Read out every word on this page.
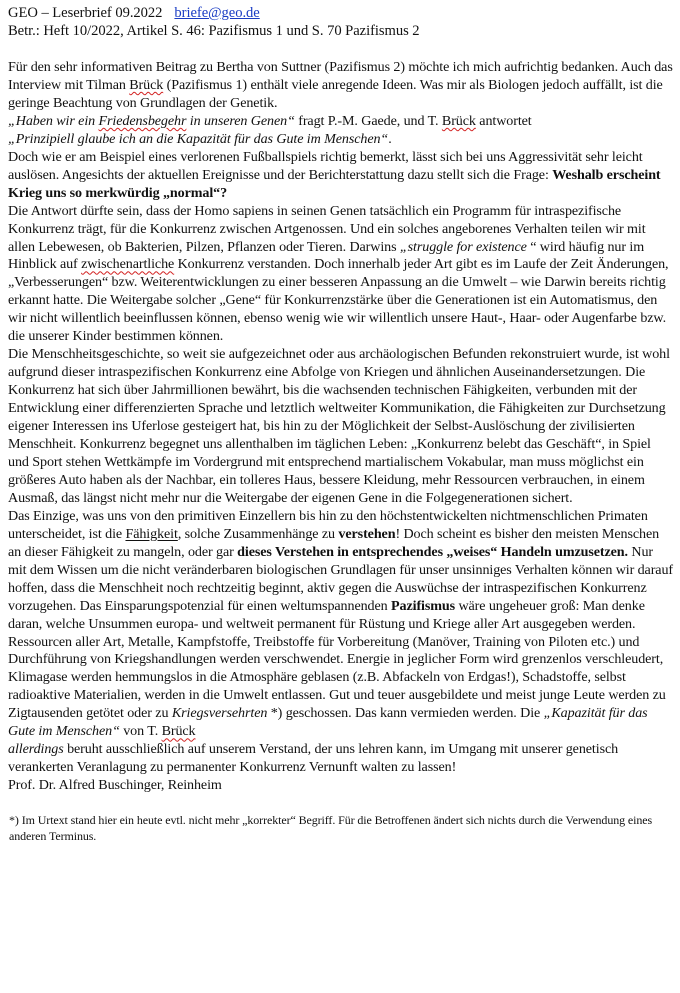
GEO – Leserbrief 09.2022 briefe@geo.de
Betr.: Heft 10/2022, Artikel S. 46: Pazifismus 1 und S. 70 Pazifismus 2

Für den sehr informativen Beitrag zu Bertha von Suttner (Pazifismus 2) möchte ich mich aufrichtig bedanken. Auch das Interview mit Tilman Brück (Pazifismus 1) enthält viele anregende Ideen. Was mir als Biologen jedoch auffällt, ist die geringe Beachtung von Grundlagen der Genetik.
„Haben wir ein Friedensbegehr in unseren Genen“ fragt P.-M. Gaede, und T. Brück antwortet
„Prinzipiell glaube ich an die Kapazität für das Gute im Menschen“.
Doch wie er am Beispiel eines verlorenen Fußballspiels richtig bemerkt, lässt sich bei uns Aggressivität sehr leicht auslösen. Angesichts der aktuellen Ereignisse und der Berichterstattung dazu stellt sich die Frage: Weshalb erscheint Krieg uns so merkwürdig „normal“?
Die Antwort dürfte sein, dass der Homo sapiens in seinen Genen tatsächlich ein Programm für intraspezifische Konkurrenz trägt, für die Konkurrenz zwischen Artgenossen. Und ein solches angeborenes Verhalten teilen wir mit allen Lebewesen, ob Bakterien, Pilzen, Pflanzen oder Tieren. Darwins „struggle for existence “ wird häufig nur im Hinblick auf zwischenartliche Konkurrenz verstanden. Doch innerhalb jeder Art gibt es im Laufe der Zeit Änderungen, „Verbesserungen“ bzw. Weiterentwicklungen zu einer besseren Anpassung an die Umwelt – wie Darwin bereits richtig erkannt hatte. Die Weitergabe solcher „Gene“ für Konkurrenzstärke über die Generationen ist ein Automatismus, den wir nicht willentlich beeinflussen können, ebenso wenig wie wir willentlich unsere Haut-, Haar- oder Augenfarbe bzw. die unserer Kinder bestimmen können.

Die Menschheitsgeschichte, so weit sie aufgezeichnet oder aus archäologischen Befunden rekonstruiert wurde, ist wohl aufgrund dieser intraspezifischen Konkurrenz eine Abfolge von Kriegen und ähnlichen Auseinandersetzungen. Die Konkurrenz hat sich über Jahrmillionen bewährt, bis die wachsenden technischen Fähigkeiten, verbunden mit der Entwicklung einer differenzierten Sprache und letztlich weltweiter Kommunikation, die Fähigkeiten zur Durchsetzung eigener Interessen ins Uferlose gesteigert hat, bis hin zu der Möglichkeit der Selbst-Auslöschung der zivilisierten Menschheit. Konkurrenz begegnet uns allenthalben im täglichen Leben: „Konkurrenz belebt das Geschäft“, in Spiel und Sport stehen Wettkämpfe im Vordergrund mit entsprechend martialischem Vokabular, man muss möglichst ein größeres Auto haben als der Nachbar, ein tolleres Haus, bessere Kleidung, mehr Ressourcen verbrauchen, in einem Ausmaß, das längst nicht mehr nur die Weitergabe der eigenen Gene in die Folgegenerationen sichert.

Das Einzige, was uns von den primitiven Einzellern bis hin zu den höchstentwickelten nichtmenschlichen Primaten unterscheidet, ist die Fähigkeit, solche Zusammenhänge zu verstehen! Doch scheint es bisher den meisten Menschen an dieser Fähigkeit zu mangeln, oder gar dieses Verstehen in entsprechendes „weises“ Handeln umzusetzen. Nur mit dem Wissen um die nicht veränderbaren biologischen Grundlagen für unser unsinniges Verhalten können wir darauf hoffen, dass die Menschheit noch rechtzeitig beginnt, aktiv gegen die Auswüchse der intraspezifischen Konkurrenz vorzugehen. Das Einsparungspotenzial für einen weltumspannenden Pazifismus wäre ungeheuer groß: Man denke daran, welche Unsummen europa- und weltweit permanent für Rüstung und Kriege aller Art ausgegeben werden. Ressourcen aller Art, Metalle, Kampfstoffe, Treibstoffe für Vorbereitung (Manöver, Training von Piloten etc.) und Durchführung von Kriegshandlungen werden verschwendet. Energie in jeglicher Form wird grenzenlos verschleudert, Klimagase werden hemmungslos in die Atmosphäre geblasen (z.B. Abfackeln von Erdgas!), Schadstoffe, selbst radioaktive Materialien, werden in die Umwelt entlassen. Gut und teuer ausgebildete und meist junge Leute werden zu Zigtausenden getötet oder zu Kriegsversehrten *) geschossen. Das kann vermieden werden. Die „Kapazität für das Gute im Menschen“ von T. Brück
allerdings beruht ausschließlich auf unserem Verstand, der uns lehren kann, im Umgang mit unserer genetisch verankerten Veranlagung zu permanenter Konkurrenz Vernunft walten zu lassen!

Prof. Dr. Alfred Buschinger, Reinheim

*) Im Urtext stand hier ein heute evtl. nicht mehr „korrekter“ Begriff. Für die Betroffenen ändert sich nichts durch die Verwendung eines anderen Terminus.
